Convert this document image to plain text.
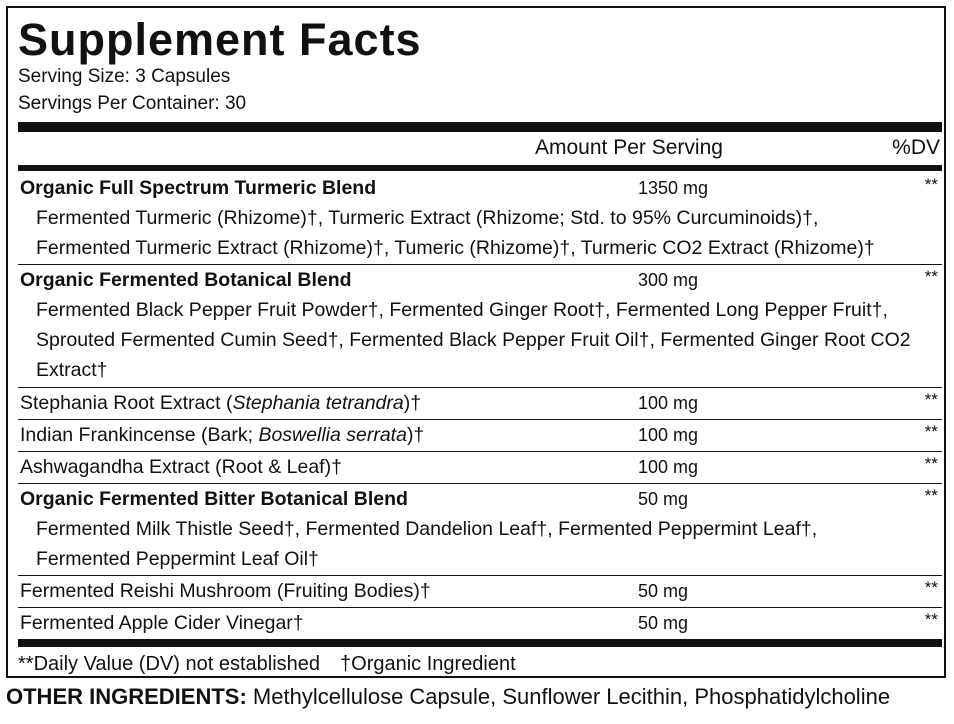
Supplement Facts
Serving Size: 3 Capsules
Servings Per Container: 30
Amount Per Serving	%DV
Organic Full Spectrum Turmeric Blend	1350 mg	**
Fermented Turmeric (Rhizome)†, Turmeric Extract (Rhizome; Std. to 95% Curcuminoids)†,
Fermented Turmeric Extract (Rhizome)†, Tumeric (Rhizome)†, Turmeric CO2 Extract (Rhizome)†
Organic Fermented Botanical Blend	300 mg	**
Fermented Black Pepper Fruit Powder†, Fermented Ginger Root†, Fermented Long Pepper Fruit†,
Sprouted Fermented Cumin Seed†, Fermented Black Pepper Fruit Oil†, Fermented Ginger Root CO2
Extract†
Stephania Root Extract (Stephania tetrandra)†	100 mg	**
Indian Frankincense (Bark; Boswellia serrata)†	100 mg	**
Ashwagandha Extract (Root & Leaf)†	100 mg	**
Organic Fermented Bitter Botanical Blend	50 mg	**
Fermented Milk Thistle Seed†, Fermented Dandelion Leaf†, Fermented Peppermint Leaf†,
Fermented Peppermint Leaf Oil†
Fermented Reishi Mushroom (Fruiting Bodies)†	50 mg	**
Fermented Apple Cider Vinegar†	50 mg	**
**Daily Value (DV) not established †Organic Ingredient
OTHER INGREDIENTS: Methylcellulose Capsule, Sunflower Lecithin, Phosphatidylcholine
